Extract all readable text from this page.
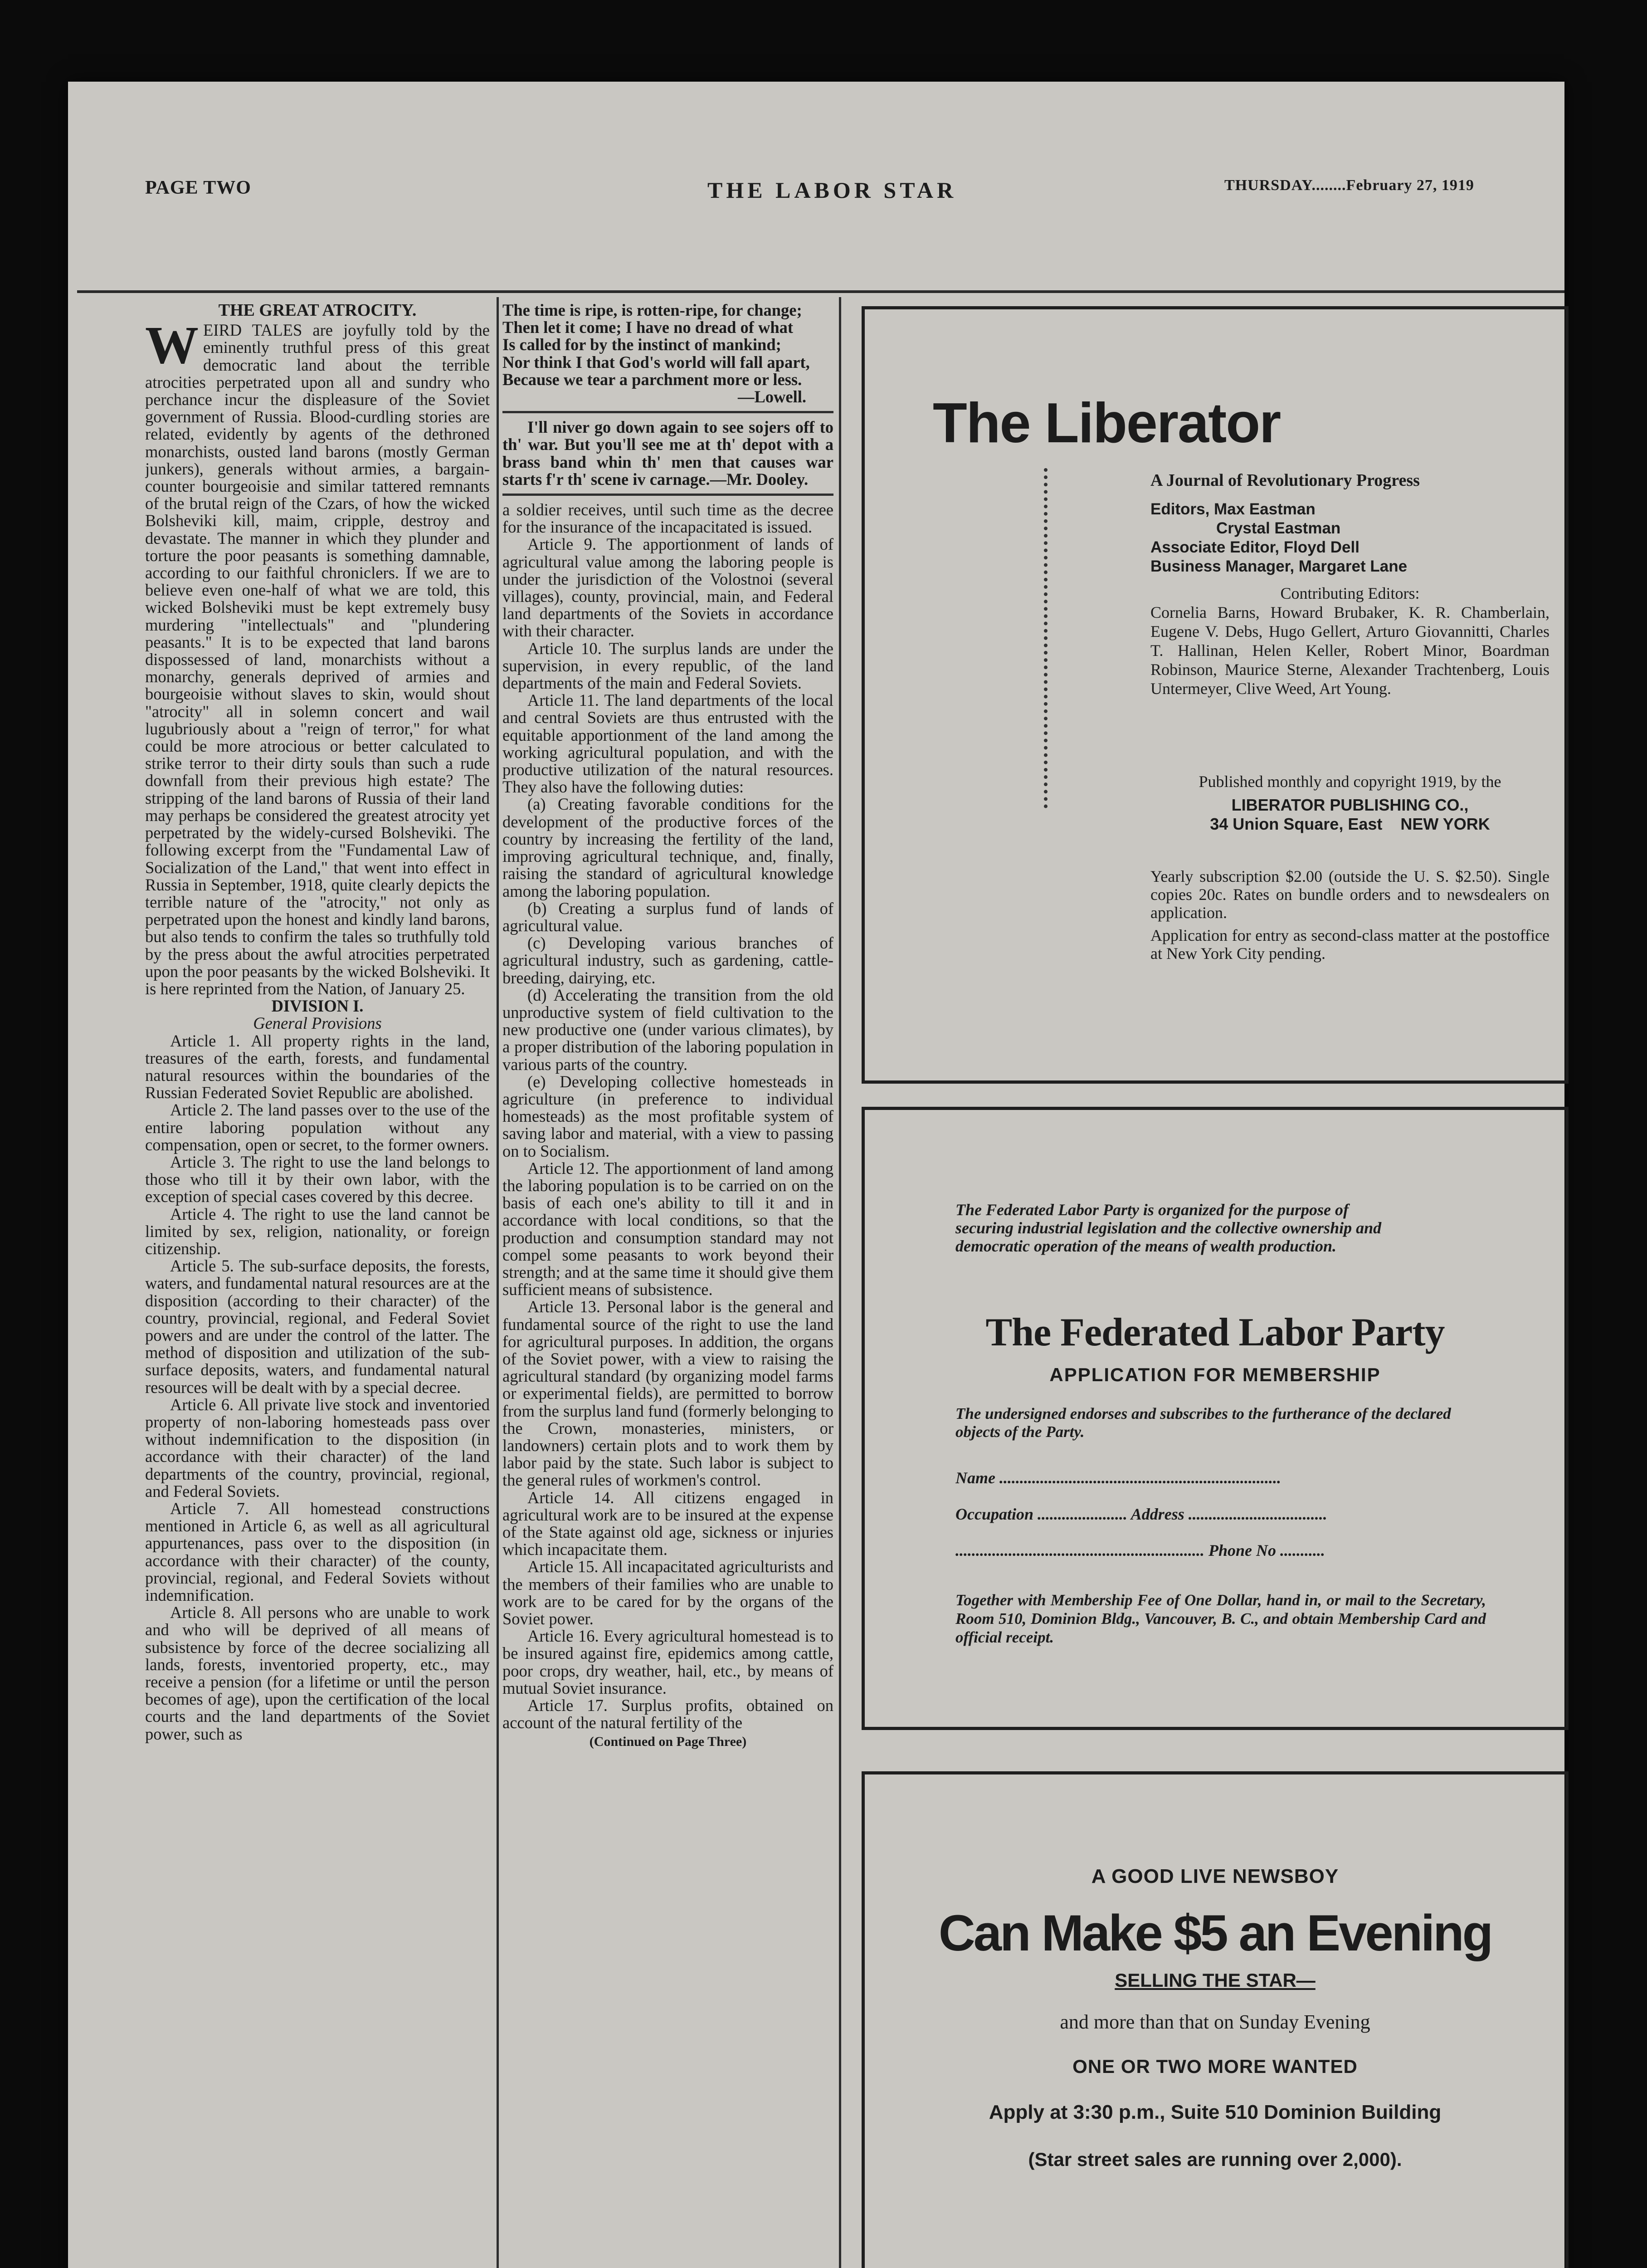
PAGE TWO	THE LABOR STAR	THURSDAY........February 27, 1919
THE GREAT ATROCITY.
W EIRD TALES are joyfully told by the eminently truthful press of this great democratic land about the terrible atrocities perpetrated upon all and sundry who perchance incur the displeasure of the Soviet government of Russia. Blood-curdling stories are related, evidently by agents of the dethroned monarchists, ousted land barons (mostly German junkers), generals without armies, a bargain-counter bourgeoisie and similar tattered remnants of the brutal reign of the Czars, of how the wicked Bolsheviki kill, maim, cripple, destroy and devastate. The manner in which they plunder and torture the poor peasants is something damnable, according to our faithful chroniclers. If we are to believe even one-half of what we are told, this wicked Bolsheviki must be kept extremely busy murdering "intellectuals" and "plundering peasants." It is to be expected that land barons dispossessed of land, monarchists without a monarchy, generals deprived of armies and bourgeoisie without slaves to skin, would shout "atrocity" all in solemn concert and wail lugubriously about a "reign of terror," for what could be more atrocious or better calculated to strike terror to their dirty souls than such a rude downfall from their previous high estate? The stripping of the land barons of Russia of their land may perhaps be considered the greatest atrocity yet perpetrated by the widely-cursed Bolsheviki. The following excerpt from the "Fundamental Law of Socialization of the Land," that went into effect in Russia in September, 1918, quite clearly depicts the terrible nature of the "atrocity," not only as perpetrated upon the honest and kindly land barons, but also tends to confirm the tales so truthfully told by the press about the awful atrocities perpetrated upon the poor peasants by the wicked Bolsheviki. It is here reprinted from the Nation, of January 25.

DIVISION I.
General Provisions

Article 1. All property rights in the land, treasures of the earth, forests, and fundamental natural resources within the boundaries of the Russian Federated Soviet Republic are abolished.

Article 2. The land passes over to the use of the entire laboring population without any compensation, open or secret, to the former owners.

Article 3. The right to use the land belongs to those who till it by their own labor, with the exception of special cases covered by this decree.

Article 4. The right to use the land cannot be limited by sex, religion, nationality, or foreign citizenship.

Article 5. The sub-surface deposits, the forests, waters, and fundamental natural resources are at the disposition (according to their character) of the country, provincial, regional, and Federal Soviet powers and are under the control of the latter. The method of disposition and utilization of the sub-surface deposits, waters, and fundamental natural resources will be dealt with by a special decree.

Article 6. All private live stock and inventoried property of non-laboring homesteads pass over without indemnification to the disposition (in accordance with their character) of the land departments of the country, provincial, regional, and Federal Soviets.

Article 7. All homestead constructions mentioned in Article 6, as well as all agricultural appurtenances, pass over to the disposition (in accordance with their character) of the county, provincial, regional, and Federal Soviets without indemnification.

Article 8. All persons who are unable to work and who will be deprived of all means of subsistence by force of the decree socializing all lands, forests, inventoried property, etc., may receive a pension (for a lifetime or until the person becomes of age), upon the certification of the local courts and the land departments of the Soviet power, such as

The time is ripe, is rotten-ripe, for change;
Then let it come; I have no dread of what
Is called for by the instinct of mankind;
Nor think I that God's world will fall apart,
Because we tear a parchment more or less.
—Lowell.

I'll niver go down again to see sojers off to th' war. But you'll see me at th' depot with a brass band whin th' men that causes war starts f'r th' scene iv carnage.—Mr. Dooley.

a soldier receives, until such time as the decree for the insurance of the incapacitated is issued.

Article 9. The apportionment of lands of agricultural value among the laboring people is under the jurisdiction of the Volostnoi (several villages), county, provincial, main, and Federal land departments of the Soviets in accordance with their character.

Article 10. The surplus lands are under the supervision, in every republic, of the land departments of the main and Federal Soviets.

Article 11. The land departments of the local and central Soviets are thus entrusted with the equitable apportionment of the land among the working agricultural population, and with the productive utilization of the natural resources. They also have the following duties:

(a) Creating favorable conditions for the development of the productive forces of the country by increasing the fertility of the land, improving agricultural technique, and, finally, raising the standard of agricultural knowledge among the laboring population.

(b) Creating a surplus fund of lands of agricultural value.

(c) Developing various branches of agricultural industry, such as gardening, cattle-breeding, dairying, etc.

(d) Accelerating the transition from the old unproductive system of field cultivation to the new productive one (under various climates), by a proper distribution of the laboring population in various parts of the country.

(e) Developing collective homesteads in agriculture (in preference to individual homesteads) as the most profitable system of saving labor and material, with a view to passing on to Socialism.

Article 12. The apportionment of land among the laboring population is to be carried on on the basis of each one's ability to till it and in accordance with local conditions, so that the production and consumption standard may not compel some peasants to work beyond their strength; and at the same time it should give them sufficient means of subsistence.

Article 13. Personal labor is the general and fundamental source of the right to use the land for agricultural purposes. In addition, the organs of the Soviet power, with a view to raising the agricultural standard (by organizing model farms or experimental fields), are permitted to borrow from the surplus land fund (formerly belonging to the Crown, monasteries, ministers, or landowners) certain plots and to work them by labor paid by the state. Such labor is subject to the general rules of workmen's control.

Article 14. All citizens engaged in agricultural work are to be insured at the expense of the State against old age, sickness or injuries which incapacitate them.

Article 15. All incapacitated agriculturists and the members of their families who are unable to work are to be cared for by the organs of the Soviet power.

Article 16. Every agricultural homestead is to be insured against fire, epidemics among cattle, poor crops, dry weather, hail, etc., by means of mutual Soviet insurance.

Article 17. Surplus profits, obtained on account of the natural fertility of the

(Continued on Page Three)
The Liberator
A Journal of Revolutionary Progress
Editors, Max Eastman
Crystal Eastman
Associate Editor, Floyd Dell
Business Manager, Margaret Lane
Contributing Editors:
Cornelia Barns, Howard Brubaker, K. R. Chamberlain, Eugene V. Debs, Hugo Gellert, Arturo Giovannitti, Charles T. Hallinan, Helen Keller, Robert Minor, Boardman Robinson, Maurice Sterne, Alexander Trachtenberg, Louis Untermeyer, Clive Weed, Art Young.
Published monthly and copyright 1919, by the
LIBERATOR PUBLISHING CO.,
34 Union Square, East NEW YORK
Yearly subscription $2.00 (outside the U. S. $2.50). Single copies 20c. Rates on bundle orders and to newsdealers on application.
Application for entry as second-class matter at the postoffice at New York City pending.
The Federated Labor Party is organized for the purpose of securing industrial legislation and the collective ownership and democratic operation of the means of wealth production.
The Federated Labor Party
APPLICATION FOR MEMBERSHIP
The undersigned endorses and subscribes to the furtherance of the declared objects of the Party.
Name .....................................................................
Occupation ...................... Address ..................................
............................................................. Phone No ...........
Together with Membership Fee of One Dollar, hand in, or mail to the Secretary, Room 510, Dominion Bldg., Vancouver, B. C., and obtain Membership Card and official receipt.
A GOOD LIVE NEWSBOY
Can Make $5 an Evening
SELLING THE STAR—
and more than that on Sunday Evening
ONE OR TWO MORE WANTED
Apply at 3:30 p.m., Suite 510 Dominion Building
(Star street sales are running over 2,000).
